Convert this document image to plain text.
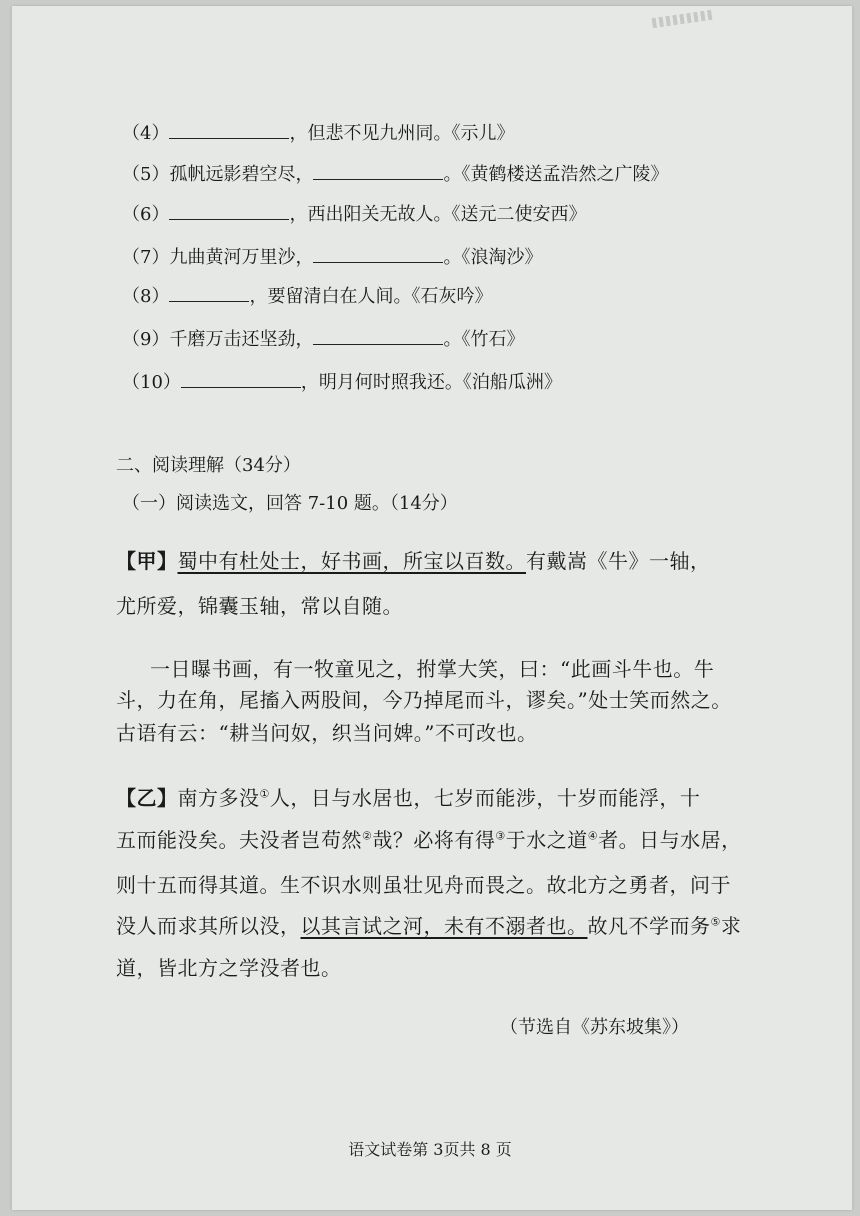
（4）	，但悲不见九州同。《示儿》
（5）孤帆远影碧空尽，	。《黄鹤楼送孟浩然之广陵》
（6）	，西出阳关无故人。《送元二使安西》
（7）九曲黄河万里沙，	。《浪淘沙》
（8）	，要留清白在人间。《石灰吟》
（9）千磨万击还坚劲，	。《竹石》
（10）	，明月何时照我还。《泊船瓜洲》
二、阅读理解（34分）
（一）阅读选文，回答 7-10 题。（14分）
【甲】蜀中有杜处士，好书画，所宝以百数。有戴嵩《牛》一轴，
尤所爱，锦囊玉轴，常以自随。
一日曝书画，有一牧童见之，拊掌大笑，曰：“此画斗牛也。牛
斗，力在角，尾搐入两股间，今乃掉尾而斗，谬矣。”处士笑而然之。
古语有云：“耕当问奴，织当问婢。”不可改也。
【乙】南方多没①人，日与水居也，七岁而能涉，十岁而能浮，十
五而能没矣。夫没者岂苟然②哉？必将有得③于水之道④者。日与水居，
则十五而得其道。生不识水则虽壮见舟而畏之。故北方之勇者，问于
没人而求其所以没，以其言试之河，未有不溺者也。故凡不学而务⑤求
道，皆北方之学没者也。
（节选自《苏东坡集》）
语文试卷第 3页共 8 页
